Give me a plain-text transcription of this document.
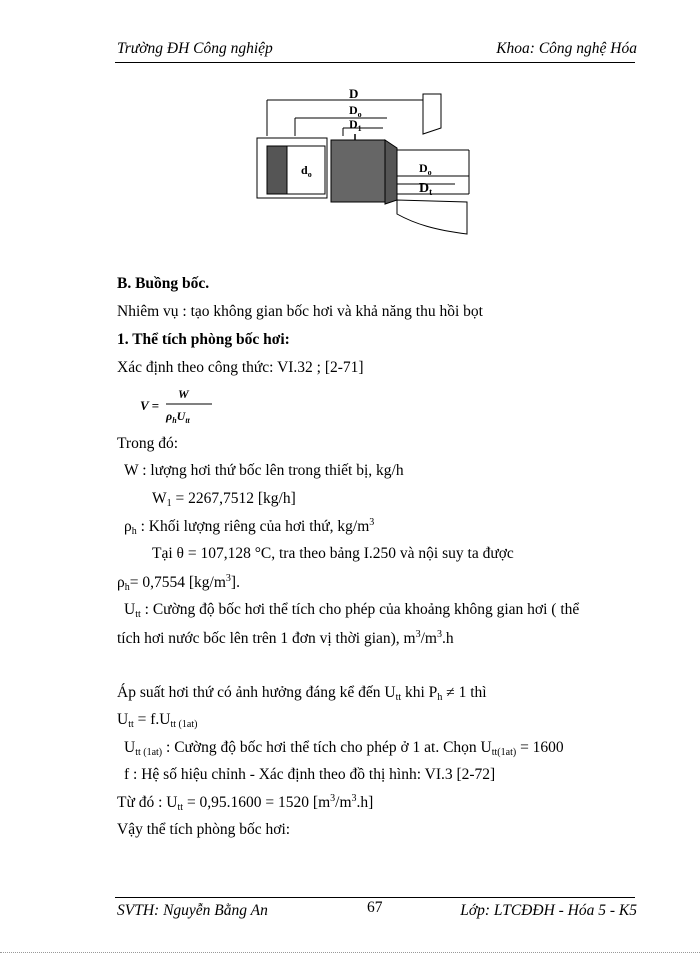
Trường ĐH Công nghiệp	Khoa: Công nghệ Hóa
D
$D_o$
$D_1$
$d_o$	$D_o$
$D_t$
B. Buồng bốc.
Nhiêm vụ : tạo không gian bốc hơi và khả năng thu hồi bọt
1. Thể tích phòng bốc hơi:
Xác định theo công thức: VI.32 ; [2-71]
V =
W
$\rho_hU_{tt}$
Trong đó:
W : lượng hơi thứ bốc lên trong thiết bị, kg/h
$W_1 = 2267,7512$ [kg/h]
$\rho_h$ : Khối lượng riêng của hơi thứ, $kg/m^3$
Tại θ = 107,128 °C, tra theo bảng I.250 và nội suy ta được
$\rho_h= 0,7554$ $[kg/m^3]$.
$U_{tt}$ : Cường độ bốc hơi thể tích cho phép của khoảng không gian hơi ( thể
tích hơi nước bốc lên trên 1 đơn vị thời gian), $m^3/m^3.h$
Áp suất hơi thứ có ảnh hưởng đáng kể đến $U_{tt}$ khi $P_h \ne 1$ thì
$U_{tt} = f.U_{tt (1at)}$
$U_{tt (1at)}$ : Cường độ bốc hơi thể tích cho phép ở 1 at. Chọn $U_{tt(1at)} = 1600$
f : Hệ số hiệu chỉnh - Xác định theo đồ thị hình: VI.3 [2-72]
Từ đó : $U_{tt} = 0,95.1600 = 1520$ $[m^3/m^3.h]$
Vậy thể tích phòng bốc hơi:
SVTH: Nguyễn Bằng An	67	Lớp: LTCĐĐH - Hóa 5 - K5
